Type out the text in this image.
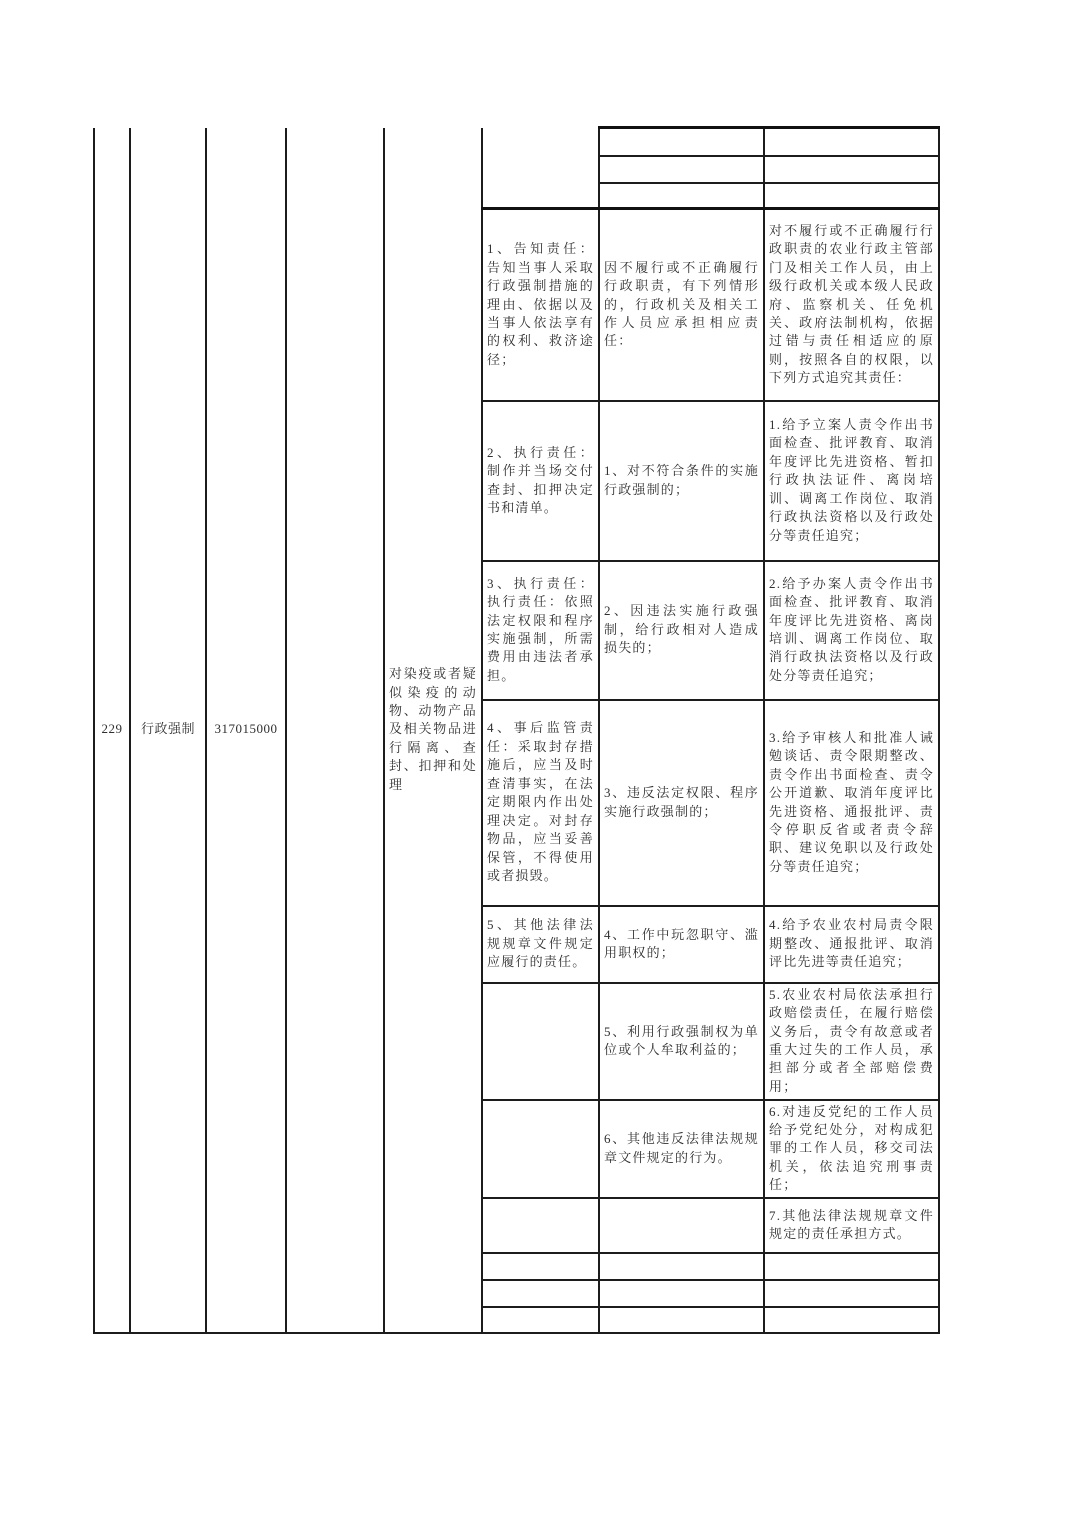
229	行政强制	317015000		对染疫或者疑似染疫的动物、动物产品及相关物品进行隔离、查封、扣押和处理			

					1、告知责任：告知当事人采取行政强制措施的理由、依据以及当事人依法享有的权利、救济途径；	因不履行或不正确履行行政职责，有下列情形的，行政机关及相关工作人员应承担相应责任：	对不履行或不正确履行行政职责的农业行政主管部门及相关工作人员，由上级行政机关或本级人民政府、监察机关、任免机关、政府法制机构，依据过错与责任相适应的原则，按照各自的权限，以下列方式追究其责任：
					2、执行责任：制作并当场交付查封、扣押决定书和清单。	1、对不符合条件的实施行政强制的；	1.给予立案人责令作出书面检查、批评教育、取消年度评比先进资格、暂扣行政执法证件、离岗培训、调离工作岗位、取消行政执法资格以及行政处分等责任追究；
					3、执行责任：执行责任：依照法定权限和程序实施强制，所需费用由违法者承担。	2、因违法实施行政强制，给行政相对人造成损失的；	2.给予办案人责令作出书面检查、批评教育、取消年度评比先进资格、离岗培训、调离工作岗位、取消行政执法资格以及行政处分等责任追究；
					4、事后监管责任：采取封存措施后，应当及时查清事实，在法定期限内作出处理决定。对封存物品，应当妥善保管，不得使用或者损毁。	3、违反法定权限、程序实施行政强制的；	3.给予审核人和批准人诫勉谈话、责令限期整改、责令作出书面检查、责令公开道歉、取消年度评比先进资格、通报批评、责令停职反省或者责令辞职、建议免职以及行政处分等责任追究；
					5、其他法律法规规章文件规定应履行的责任。	4、工作中玩忽职守、滥用职权的；	4.给予农业农村局责令限期整改、通报批评、取消评比先进等责任追究；
						5、利用行政强制权为单位或个人牟取利益的；	5.农业农村局依法承担行政赔偿责任，在履行赔偿义务后，责令有故意或者重大过失的工作人员，承担部分或者全部赔偿费用；
						6、其他违反法律法规规章文件规定的行为。	6.对违反党纪的工作人员给予党纪处分，对构成犯罪的工作人员，移交司法机关，依法追究刑事责任；
							7.其他法律法规规章文件规定的责任承担方式。
